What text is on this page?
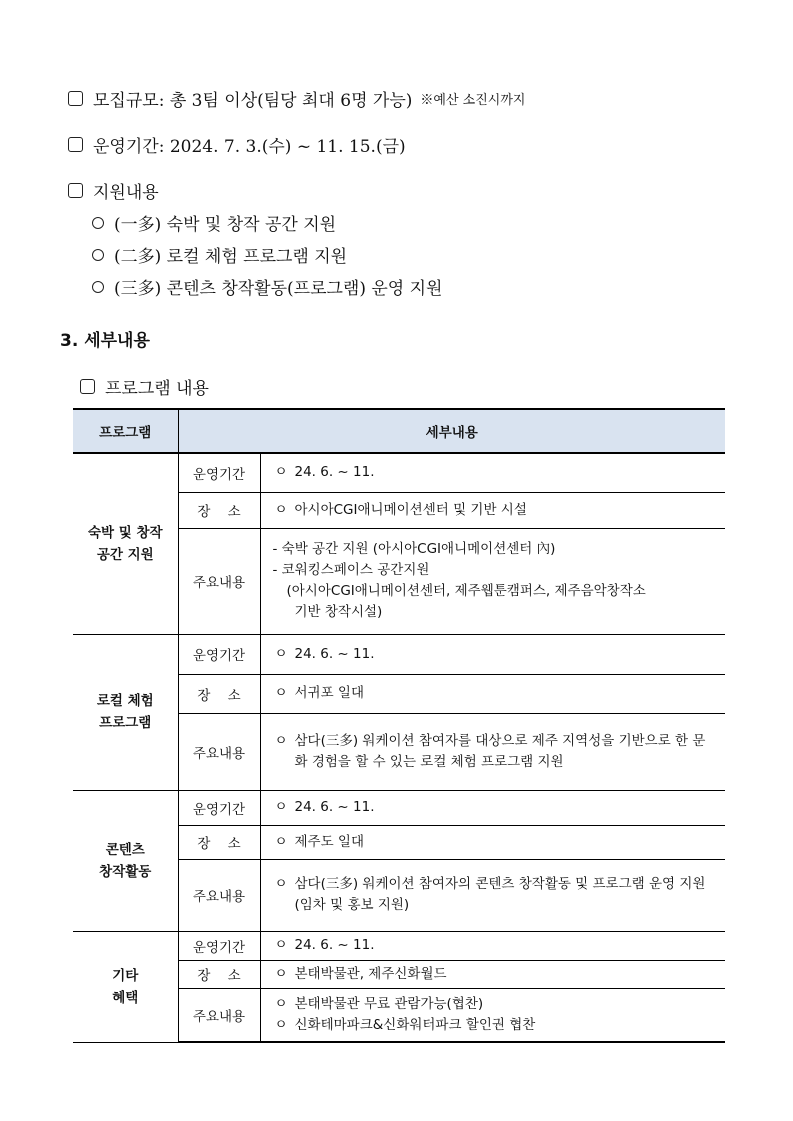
모집규모: 총 3팀 이상(팀당 최대 6명 가능) ※예산 소진시까지
운영기간: 2024. 7. 3.(수) ~ 11. 15.(금)
지원내용
(一多) 숙박 및 창작 공간 지원
(二多) 로컬 체험 프로그램 지원
(三多) 콘텐츠 창작활동(프로그램) 운영 지원
3. 세부내용
프로그램 내용
프로그램	세부내용	
숙박 및 창작
공간 지원	운영기간	ㅇ 24. 6. ~ 11.
	장    소	ㅇ 아시아CGI애니메이션센터 및 기반 시설
	주요내용	- 숙박 공간 지원 (아시아CGI애니메이션센터 內)
- 코워킹스페이스 공간지원
(아시아CGI애니메이션센터, 제주웹툰캠퍼스, 제주음악창작소
기반 창작시설)

로컬 체험
프로그램	운영기간	ㅇ 24. 6. ~ 11.
	장    소	ㅇ 서귀포 일대
	주요내용	ㅇ 삼다(三多) 워케이션 참여자를 대상으로 제주 지역성을 기반으로 한 문화 경험을 할 수 있는 로컬 체험 프로그램 지원

콘텐츠
창작활동	운영기간	ㅇ 24. 6. ~ 11.
	장    소	ㅇ 제주도 일대
	주요내용	ㅇ 삼다(三多) 워케이션 참여자의 콘텐츠 창작활동 및 프로그램 운영 지원(임차 및 홍보 지원)

기타
혜택	운영기간	ㅇ 24. 6. ~ 11.
	장    소	ㅇ 본태박물관, 제주신화월드
	주요내용	ㅇ 본태박물관 무료 관람가능(협찬)
ㅇ 신화테마파크&신화워터파크 할인권 협찬
